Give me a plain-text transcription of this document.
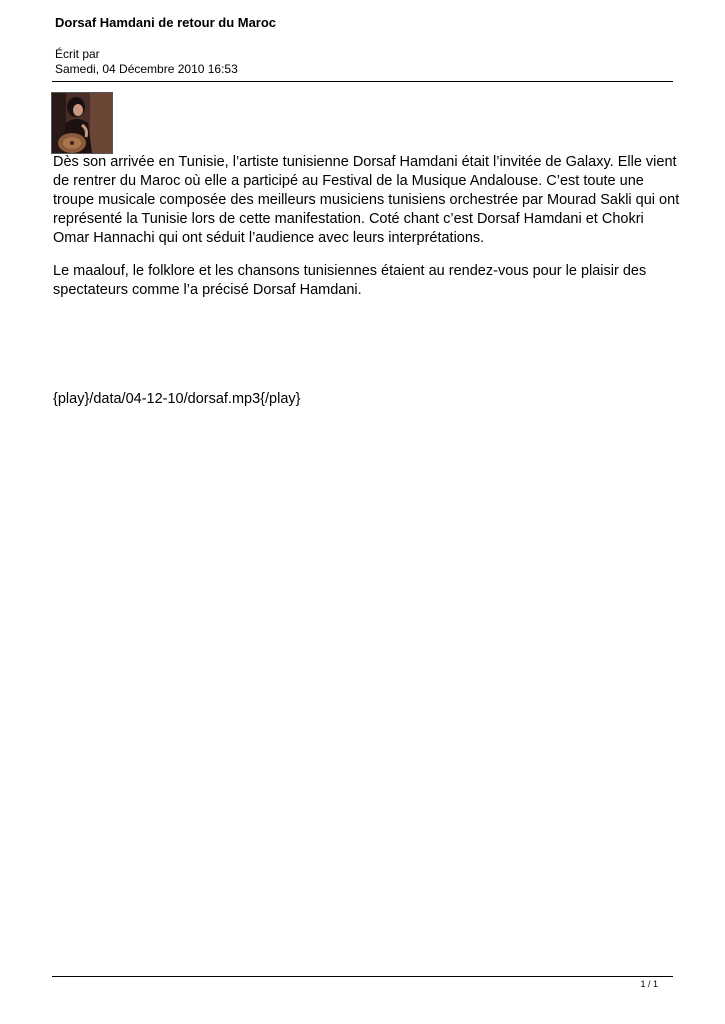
Dorsaf Hamdani de retour du Maroc
Écrit par
Samedi, 04 Décembre 2010 16:53

Dès son arrivée en Tunisie, l’artiste tunisienne Dorsaf Hamdani était l’invitée de Galaxy. Elle vient de rentrer du Maroc où elle a participé au Festival de la Musique Andalouse. C’est toute une troupe musicale composée des meilleurs musiciens tunisiens orchestrée par Mourad Sakli qui ont représenté la Tunisie lors de cette manifestation. Coté chant c’est Dorsaf Hamdani et Chokri Omar Hannachi qui ont séduit l’audience avec leurs interprétations.

Le maalouf, le folklore et les chansons tunisiennes étaient au rendez-vous pour le plaisir des spectateurs comme l’a précisé Dorsaf Hamdani.

{play}/data/04-12-10/dorsaf.mp3{/play}
1 / 1
